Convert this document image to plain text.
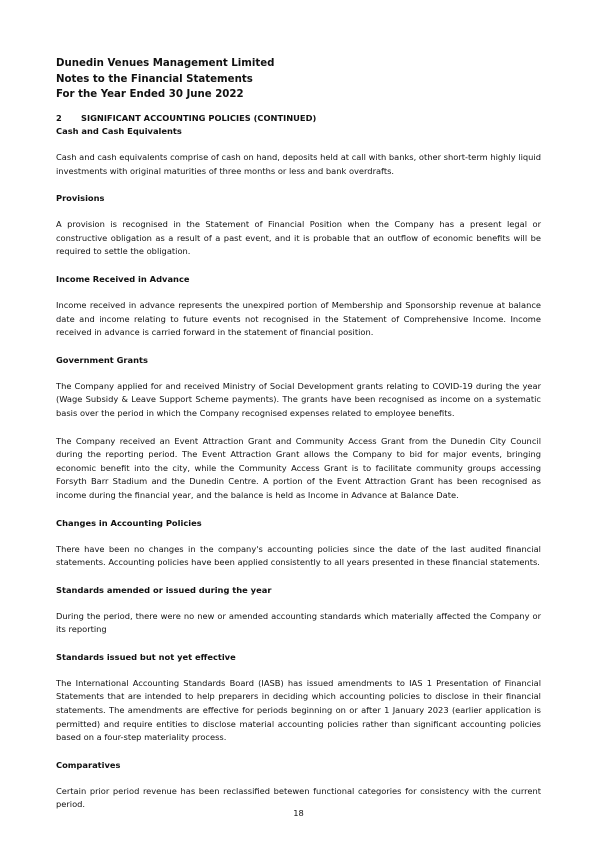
Dunedin Venues Management Limited
Notes to the Financial Statements
For the Year Ended 30 June 2022
2	SIGNIFICANT ACCOUNTING POLICIES (CONTINUED)
Cash and Cash Equivalents

Cash and cash equivalents comprise of cash on hand, deposits held at call with banks, other short-term highly liquid investments with original maturities of three months or less and bank overdrafts.

Provisions

A provision is recognised in the Statement of Financial Position when the Company has a present legal or constructive obligation as a result of a past event, and it is probable that an outflow of economic benefits will be required to settle the obligation.

Income Received in Advance

Income received in advance represents the unexpired portion of Membership and Sponsorship revenue at balance date and income relating to future events not recognised in the Statement of Comprehensive Income. Income received in advance is carried forward in the statement of financial position.

Government Grants

The Company applied for and received Ministry of Social Development grants relating to COVID-19 during the year (Wage Subsidy & Leave Support Scheme payments). The grants have been recognised as income on a systematic basis over the period in which the Company recognised expenses related to employee benefits.

The Company received an Event Attraction Grant and Community Access Grant from the Dunedin City Council during the reporting period. The Event Attraction Grant allows the Company to bid for major events, bringing economic benefit into the city, while the Community Access Grant is to facilitate community groups accessing Forsyth Barr Stadium and the Dunedin Centre. A portion of the Event Attraction Grant has been recognised as income during the financial year, and the balance is held as Income in Advance at Balance Date.

Changes in Accounting Policies

There have been no changes in the company's accounting policies since the date of the last audited financial statements. Accounting policies have been applied consistently to all years presented in these financial statements.

Standards amended or issued during the year

During the period, there were no new or amended accounting standards which materially affected the Company or its reporting

Standards issued but not yet effective

The International Accounting Standards Board (IASB) has issued amendments to IAS 1 Presentation of Financial Statements that are intended to help preparers in deciding which accounting policies to disclose in their financial statements. The amendments are effective for periods beginning on or after 1 January 2023 (earlier application is permitted) and require entities to disclose material accounting policies rather than significant accounting policies based on a four-step materiality process.

Comparatives

Certain prior period revenue has been reclassified betewen functional categories for consistency with the current period.

18
